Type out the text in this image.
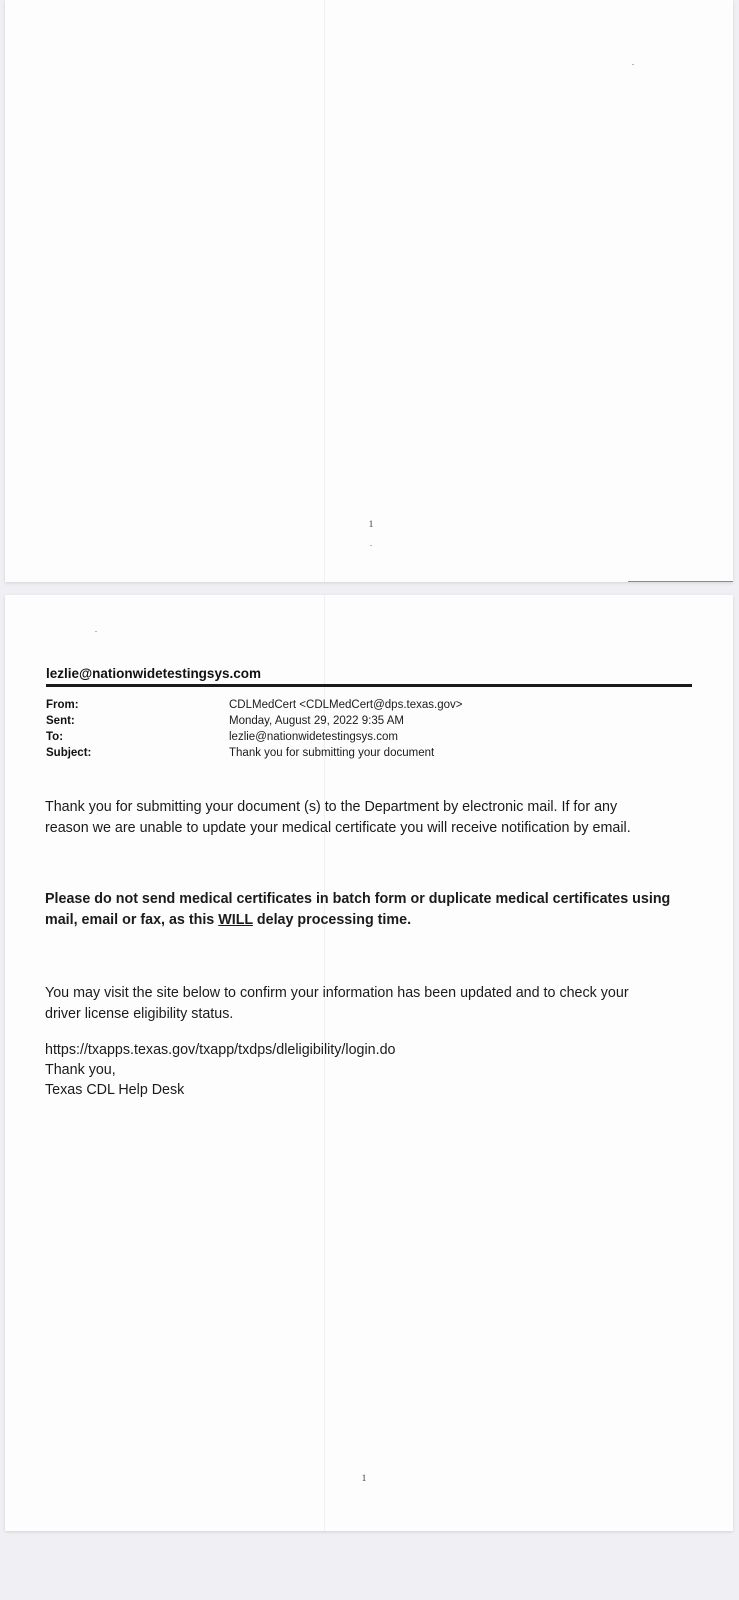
1
1
lezlie@nationwidetestingsys.com
From:	CDLMedCert <CDLMedCert@dps.texas.gov>
Sent:	Monday, August 29, 2022 9:35 AM
To:	lezlie@nationwidetestingsys.com
Subject:	Thank you for submitting your document
Thank you for submitting your document (s) to the Department by electronic mail. If for any
reason we are unable to update your medical certificate you will receive notification by email.
Please do not send medical certificates in batch form or duplicate medical certificates using
mail, email or fax, as this WILL delay processing time.
You may visit the site below to confirm your information has been updated and to check your
driver license eligibility status.
https://txapps.texas.gov/txapp/txdps/dleligibility/login.do
Thank you,
Texas CDL Help Desk
